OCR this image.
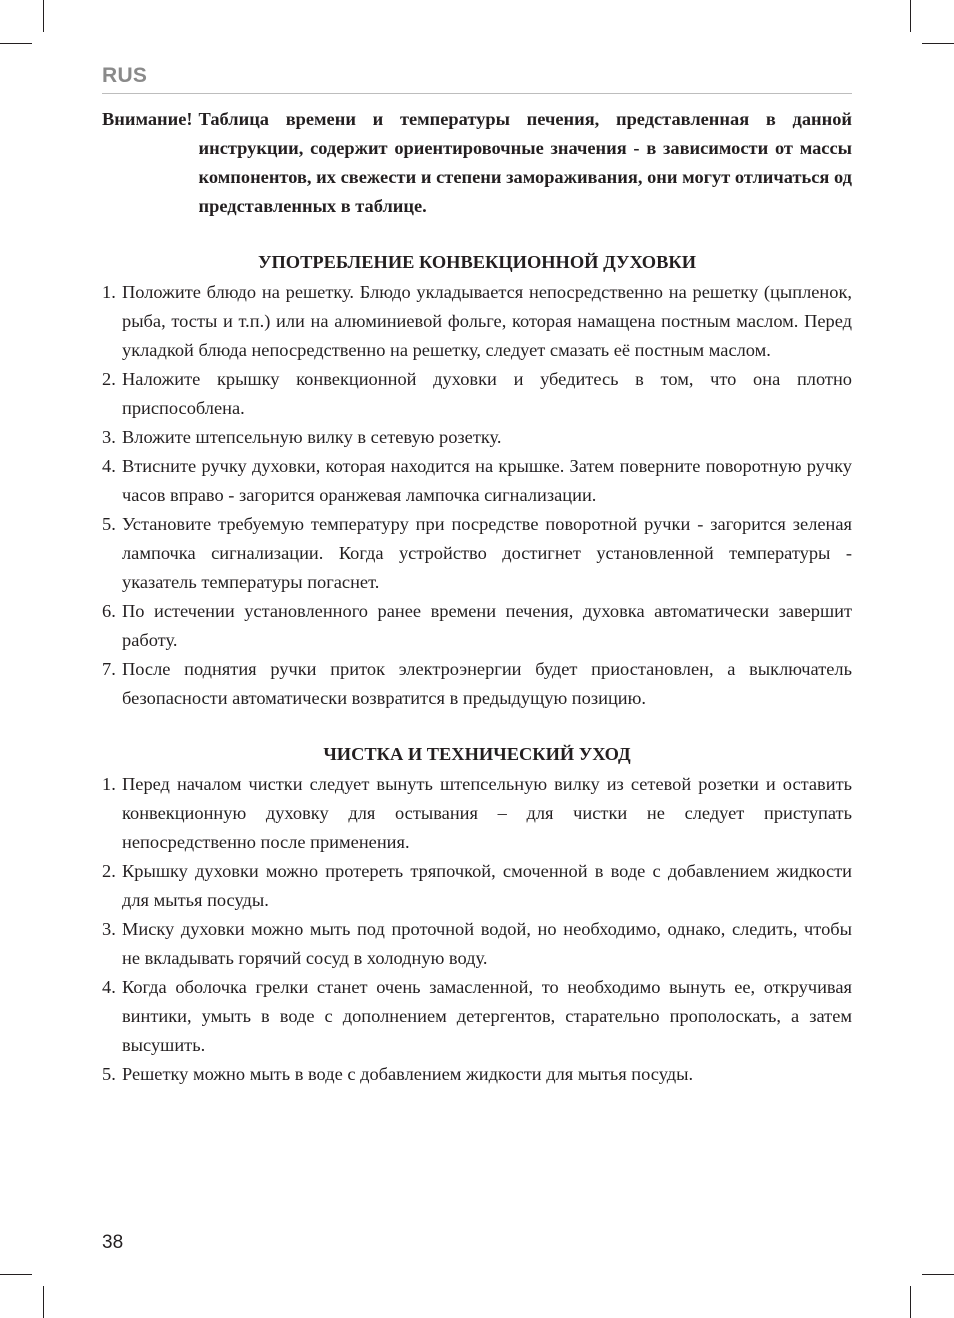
RUS
Внимание! Таблица времени и температуры печения, представленная в данной инструкции, содержит ориентировочные значения - в зависимости от массы компонентов, их свежести и степени замораживания, они могут отличаться од представленных в таблице.
УПОТРЕБЛЕНИЕ КОНВЕКЦИОННОЙ ДУХОВКИ
1. Положите блюдо на решетку. Блюдо укладывается непосредственно на решетку (цыпленок, рыба, тосты и т.п.) или на алюминиевой фольге, которая намащена постным маслом. Перед укладкой блюда непосредственно на решетку, следует смазать её постным маслом.
2. Наложите крышку конвекционной духовки и убедитесь в том, что она плотно приспособлена.
3. Вложите штепсельную вилку в сетевую розетку.
4. Втисните ручку духовки, которая находится на крышке. Затем поверните поворотную ручку часов вправо - загорится оранжевая лампочка сигнализации.
5. Установите требуемую температуру при посредстве поворотной ручки - загорится зеленая лампочка сигнализации. Когда устройство достигнет установленной температуры - указатель температуры погаснет.
6. По истечении установленного ранее времени печения, духовка автоматически завершит работу.
7. После поднятия ручки приток электроэнергии будет приостановлен, а выключатель безопасности автоматически возвратится в предыдущую позицию.
ЧИСТКА И ТЕХНИЧЕСКИЙ УХОД
1. Перед началом чистки следует вынуть штепсельную вилку из сетевой розетки и оставить конвекционную духовку для остывания – для чистки не следует приступать непосредственно после применения.
2. Крышку духовки можно протереть тряпочкой, смоченной в воде с добавлением жидкости для мытья посуды.
3. Миску духовки можно мыть под проточной водой, но необходимо, однако, следить, чтобы не вкладывать горячий сосуд в холодную воду.
4. Когда оболочка грелки станет очень замасленной, то необходимо вынуть ее, откручивая винтики, умыть в воде с дополнением детергентов, старательно прополоскать, а затем высушить.
5. Решетку можно мыть в воде с добавлением жидкости для мытья посуды.
38
